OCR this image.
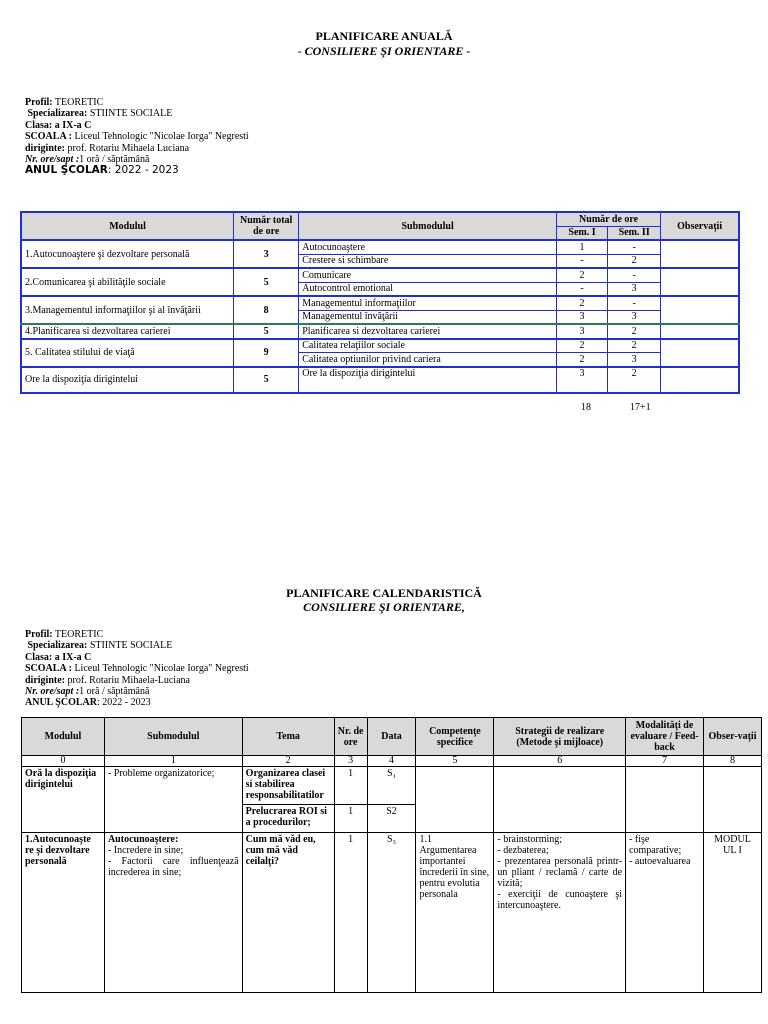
PLANIFICARE ANUALĂ
- CONSILIERE ŞI ORIENTARE -
Profil: TEORETIC
Specializarea: STIINTE SOCIALE
Clasa: a IX-a C
SCOALA : Liceul Tehnologic "Nicolae Iorga" Negresti
diriginte: prof. Rotariu Mihaela Luciana
Nr. ore/sapt :1 oră / săptămână
ANUL ŞCOLAR: 2022 - 2023
Modulul	Număr total de ore	Submodulul	Număr de ore		Observaţii
			Sem. I	Sem. II	
1.Autocunoaştere şi dezvoltare personală	3	Autocunoaştere	1	-	
		Crestere si schimbare	-	2	
2.Comunicarea şi abilităţile sociale	5	Comunicare	2	-	
		Autocontrol emotional	-	3	
3.Managementul informaţiilor şi al învăţării	8	Managementul informaţiilor	2	-	
		Managementul învăţării	3	3	
4.Planificarea si dezvoltarea carierei	5	Planificarea si dezvoltarea carierei	3	2	
5. Calitatea stilului de viaţă	9	Calitatea relaţiilor sociale	2	2	
		Calitatea optiunilor privind cariera	2	3	
Ore la dispoziţia dirigintelui	5	Ore la dispoziţia dirigintelui	3	2	
18	17+1
PLANIFICARE CALENDARISTICĂ
CONSILIERE ŞI ORIENTARE,
Profil: TEORETIC
Specializarea: STIINTE SOCIALE
Clasa: a IX-a C
SCOALA : Liceul Tehnologic "Nicolae Iorga" Negresti
diriginte: prof. Rotariu Mihaela-Luciana
Nr. ore/sapt :1 oră / săptămână
ANUL ŞCOLAR: 2022 - 2023
Modulul	Submodulul	Tema	Nr. de ore	Data	Competenţe specifice	Strategii de realizare (Metode şi mijloace)	Modalităţi de evaluare / Feed-back	Obser-vaţii
0	1	2	3	4	5	6	7	8
Oră la dispoziţia dirigintelui	- Probleme organizatorice;	Organizarea clasei si stabilirea responsabilitatilor	1	S₁				
		Prelucrarea ROI si a procedurilor;	1	S2				
1.Autocunoaşte re şi dezvoltare personală	Autocunoaştere:
- Incredere in sine;
- Factorii care influenţează increderea in sine;	Cum mă văd eu, cum mă văd ceilalţi?	1	S₃	1.1 Argumentarea importantei încrederii în sine, pentru evolutia personala	- brainstorming;
- dezbaterea;
- prezentarea personală printr-un pliant / reclamă / carte de vizită;
- exerciţii de cunoaştere şi intercunoaştere.	- fişe comparative;
- autoevaluarea	MODUL UL I
